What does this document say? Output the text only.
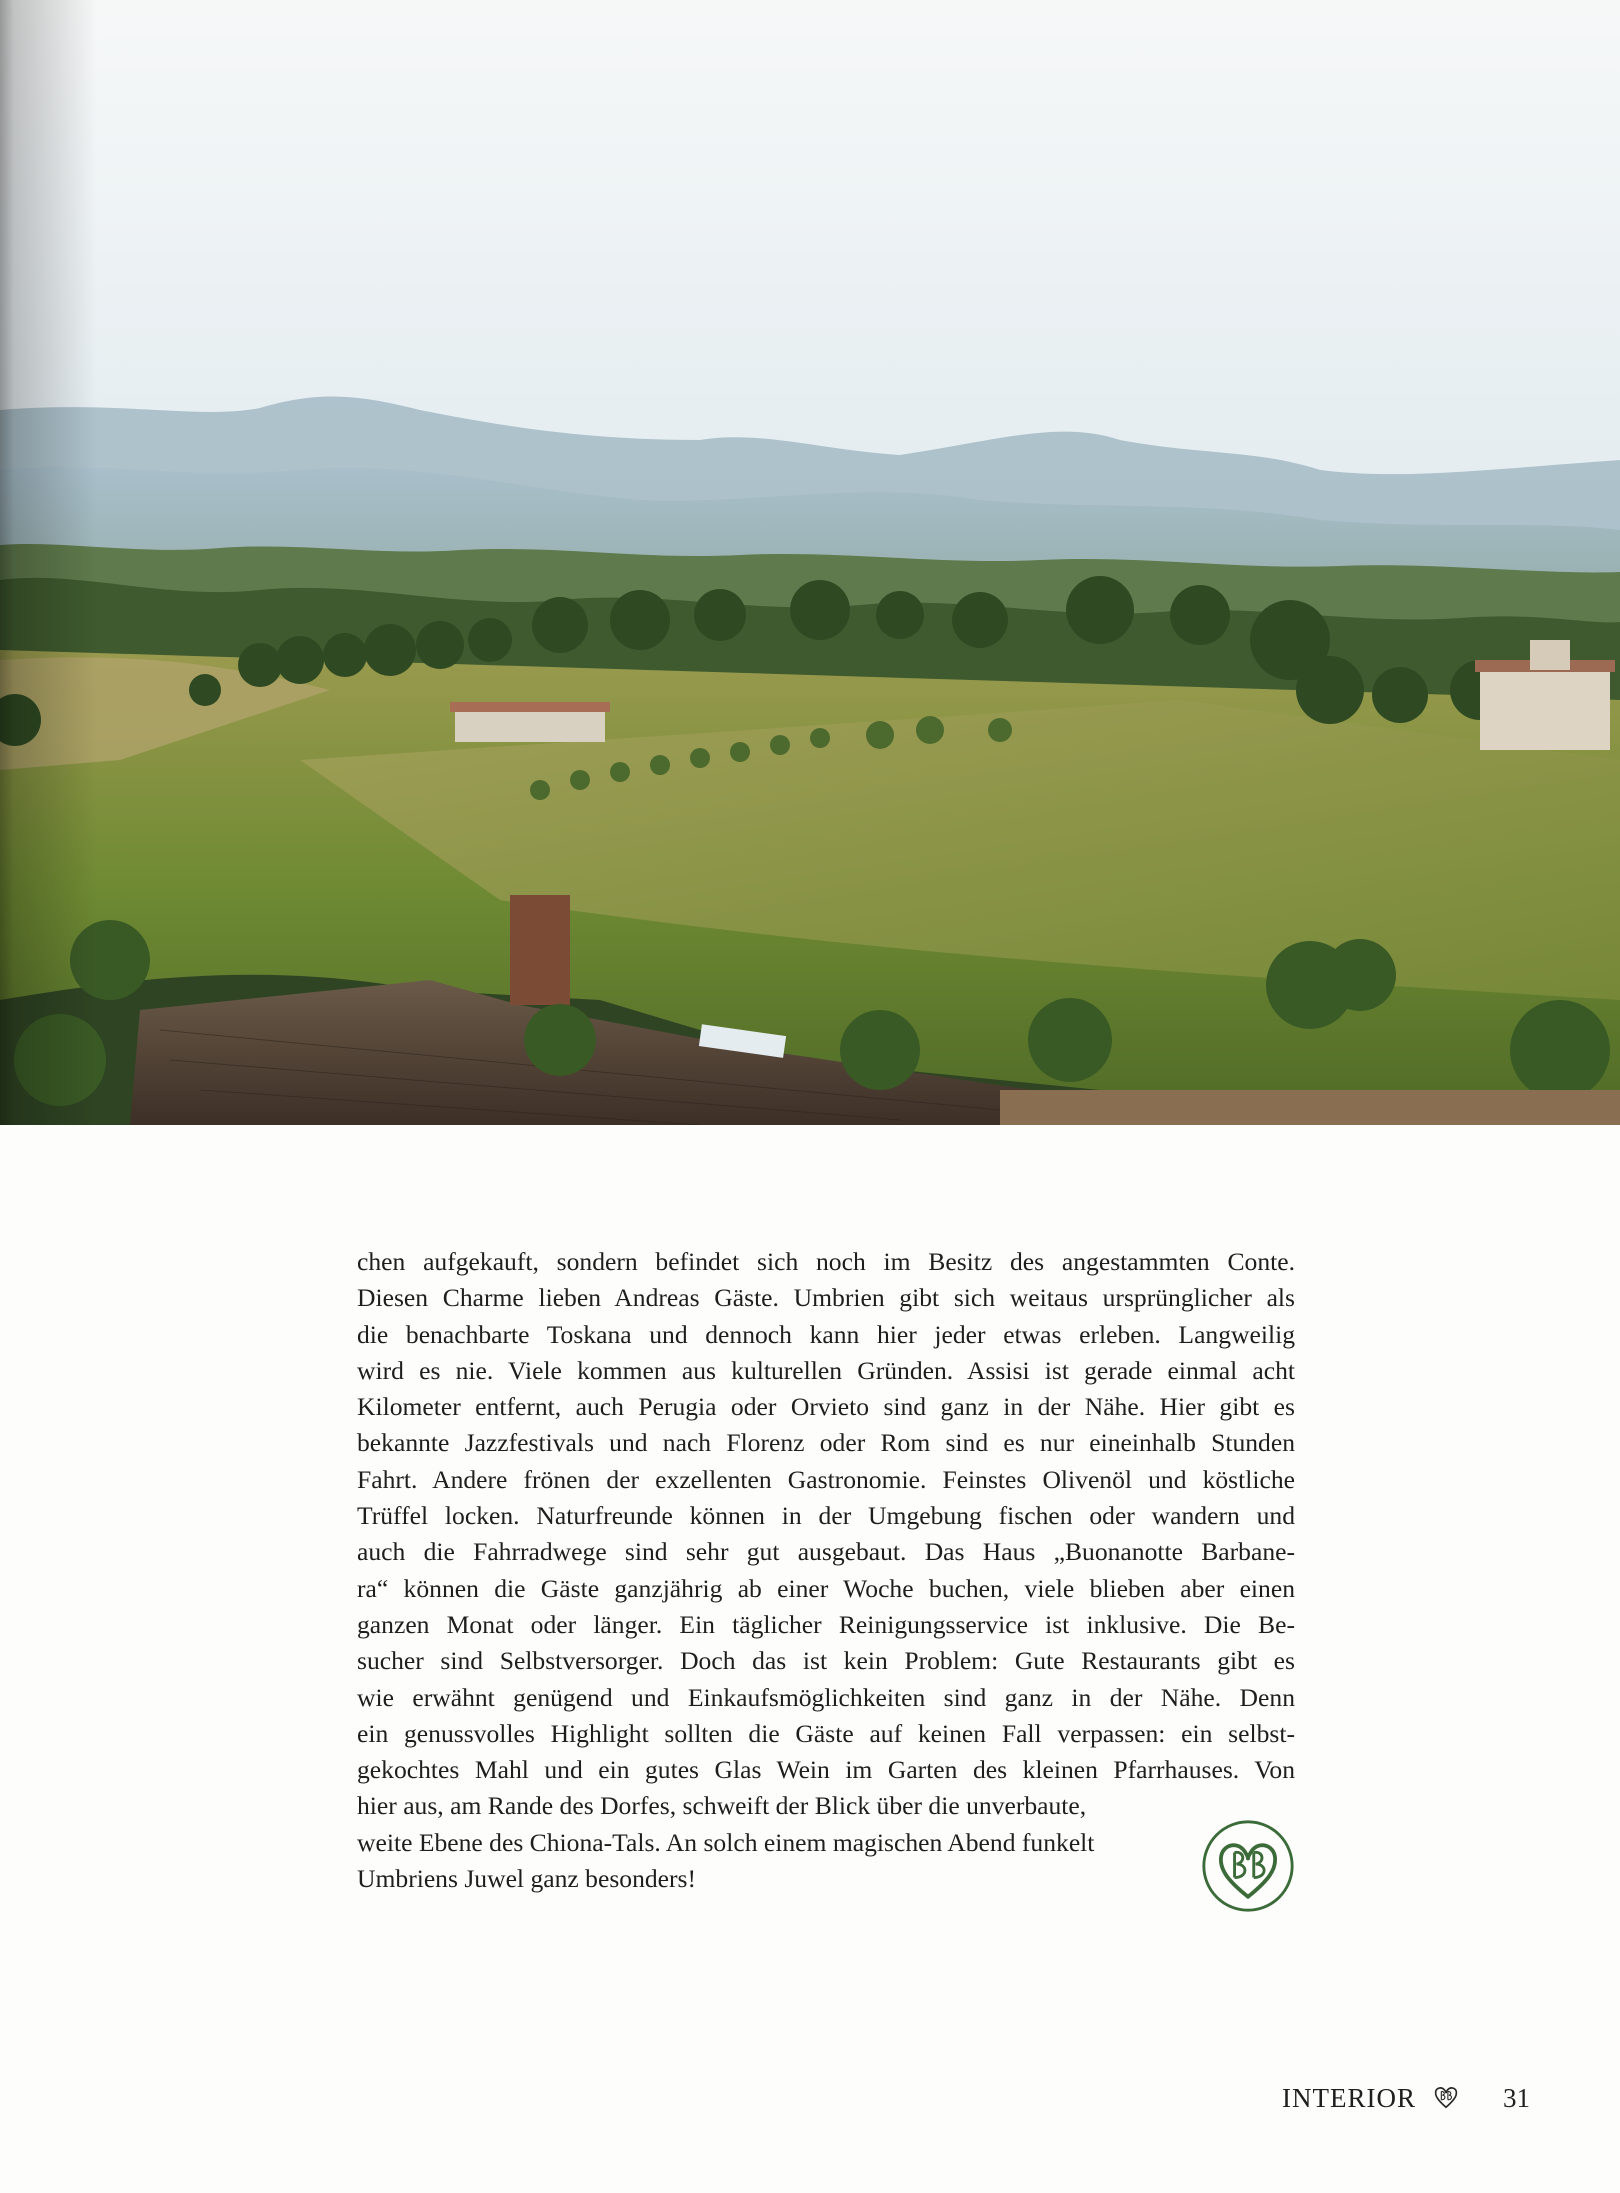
chen aufgekauft, sondern befindet sich noch im Besitz des angestammten Conte.
Diesen Charme lieben Andreas Gäste. Umbrien gibt sich weitaus ursprünglicher als
die benachbarte Toskana und dennoch kann hier jeder etwas erleben. Langweilig
wird es nie. Viele kommen aus kulturellen Gründen. Assisi ist gerade einmal acht
Kilometer entfernt, auch Perugia oder Orvieto sind ganz in der Nähe. Hier gibt es
bekannte Jazzfestivals und nach Florenz oder Rom sind es nur eineinhalb Stunden
Fahrt. Andere frönen der exzellenten Gastronomie. Feinstes Olivenöl und köstliche
Trüffel locken. Naturfreunde können in der Umgebung fischen oder wandern und
auch die Fahrradwege sind sehr gut ausgebaut. Das Haus „Buonanotte Barbane-
ra“ können die Gäste ganzjährig ab einer Woche buchen, viele blieben aber einen
ganzen Monat oder länger. Ein täglicher Reinigungsservice ist inklusive. Die Be-
sucher sind Selbstversorger. Doch das ist kein Problem: Gute Restaurants gibt es
wie erwähnt genügend und Einkaufsmöglichkeiten sind ganz in der Nähe. Denn
ein genussvolles Highlight sollten die Gäste auf keinen Fall verpassen: ein selbst-
gekochtes Mahl und ein gutes Glas Wein im Garten des kleinen Pfarrhauses. Von
hier aus, am Rande des Dorfes, schweift der Blick über die unverbaute,
weite Ebene des Chiona-Tals. An solch einem magischen Abend funkelt
Umbriens Juwel ganz besonders!
INTERIOR	31
